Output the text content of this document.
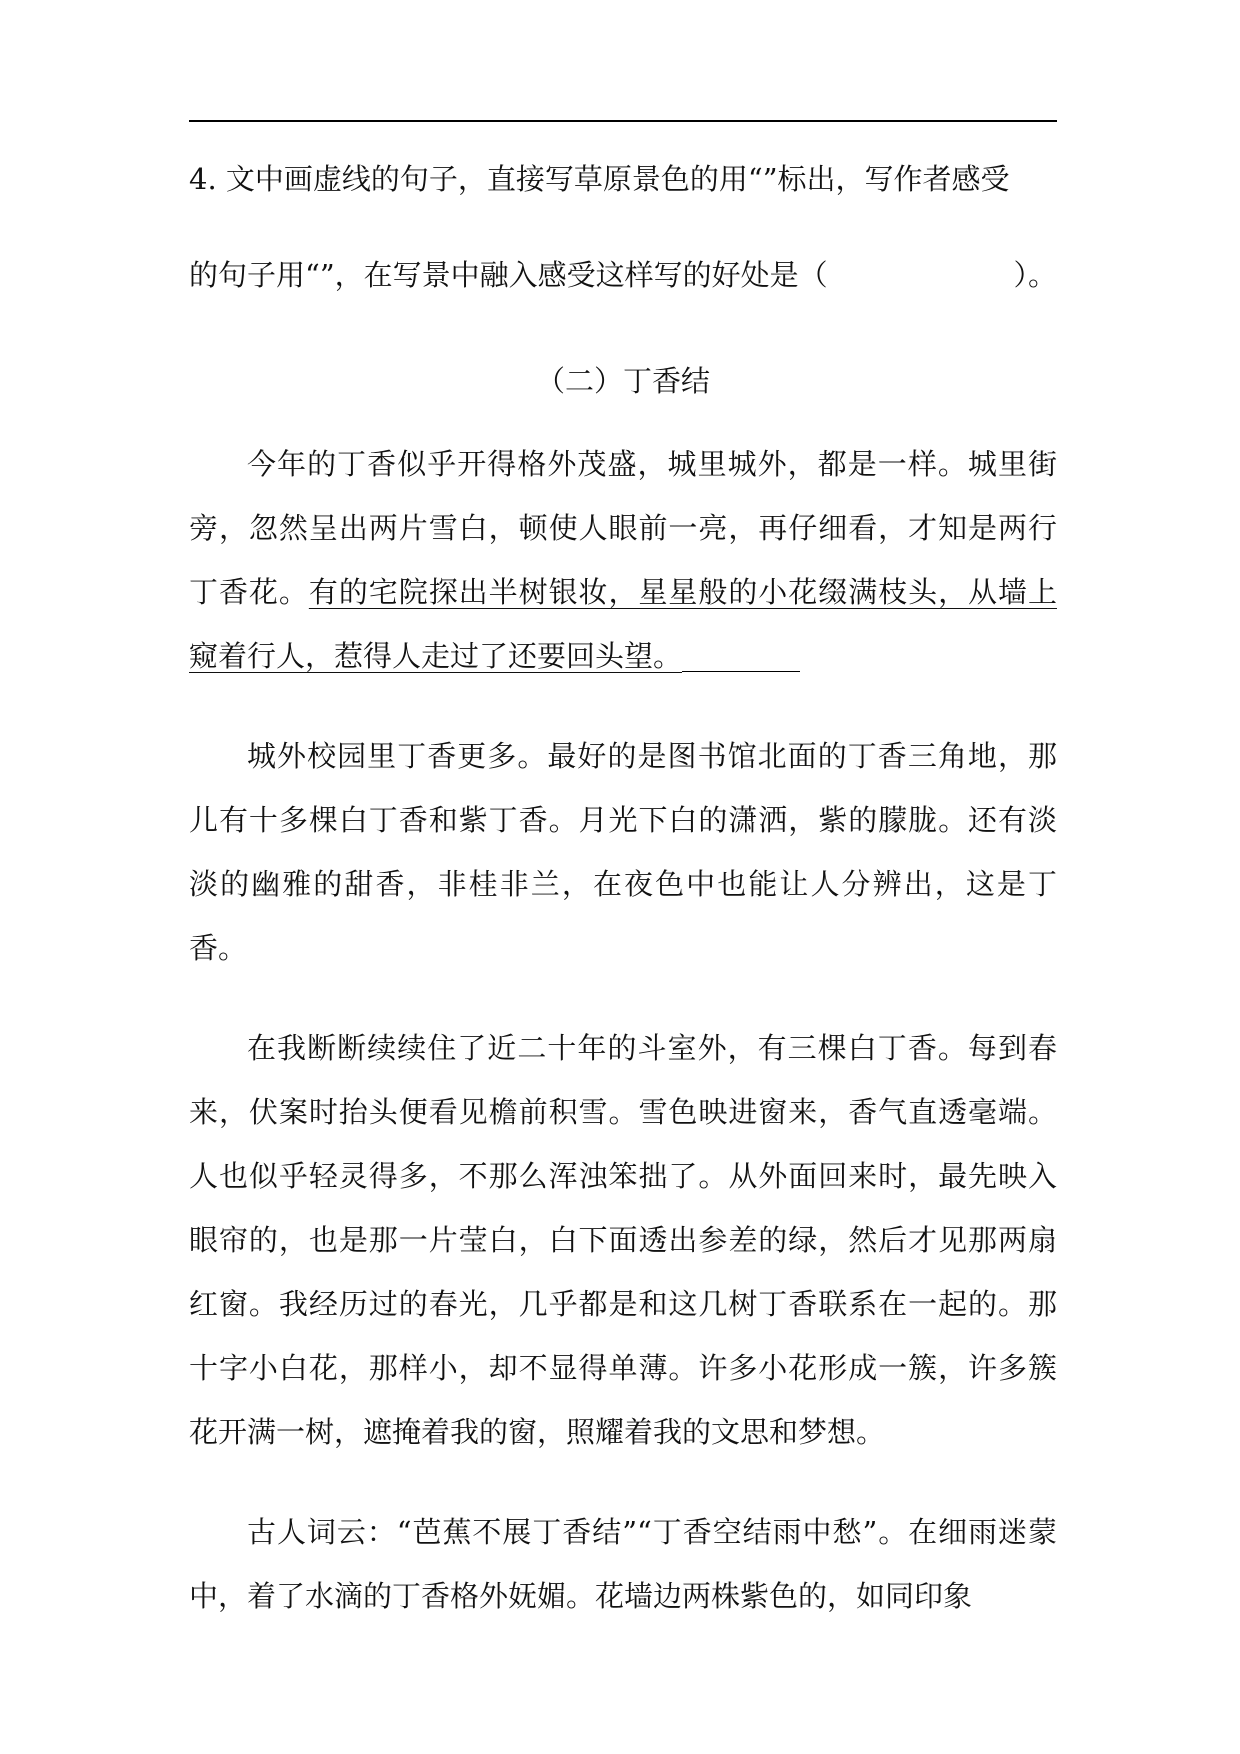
4. 文中画虚线的句子，直接写草原景色的用“”标出，写作者感受

的句子用“”，在写景中融入感受这样写的好处是（	）。

（二）丁香结

今年的丁香似乎开得格外茂盛，城里城外，都是一样。城里街旁，忽然呈出两片雪白，顿使人眼前一亮，再仔细看，才知是两行丁香花。有的宅院探出半树银妆，星星般的小花缀满枝头，从墙上窥着行人，惹得人走过了还要回头望。

城外校园里丁香更多。最好的是图书馆北面的丁香三角地，那儿有十多棵白丁香和紫丁香。月光下白的潇洒，紫的朦胧。还有淡淡的幽雅的甜香，非桂非兰，在夜色中也能让人分辨出，这是丁香。

在我断断续续住了近二十年的斗室外，有三棵白丁香。每到春来，伏案时抬头便看见檐前积雪。雪色映进窗来，香气直透毫端。人也似乎轻灵得多，不那么浑浊笨拙了。从外面回来时，最先映入眼帘的，也是那一片莹白，白下面透出参差的绿，然后才见那两扇红窗。我经历过的春光，几乎都是和这几树丁香联系在一起的。那十字小白花，那样小，却不显得单薄。许多小花形成一簇，许多簇花开满一树，遮掩着我的窗，照耀着我的文思和梦想。

古人词云：“芭蕉不展丁香结”“丁香空结雨中愁”。在细雨迷蒙中，着了水滴的丁香格外妩媚。花墙边两株紫色的，如同印象
